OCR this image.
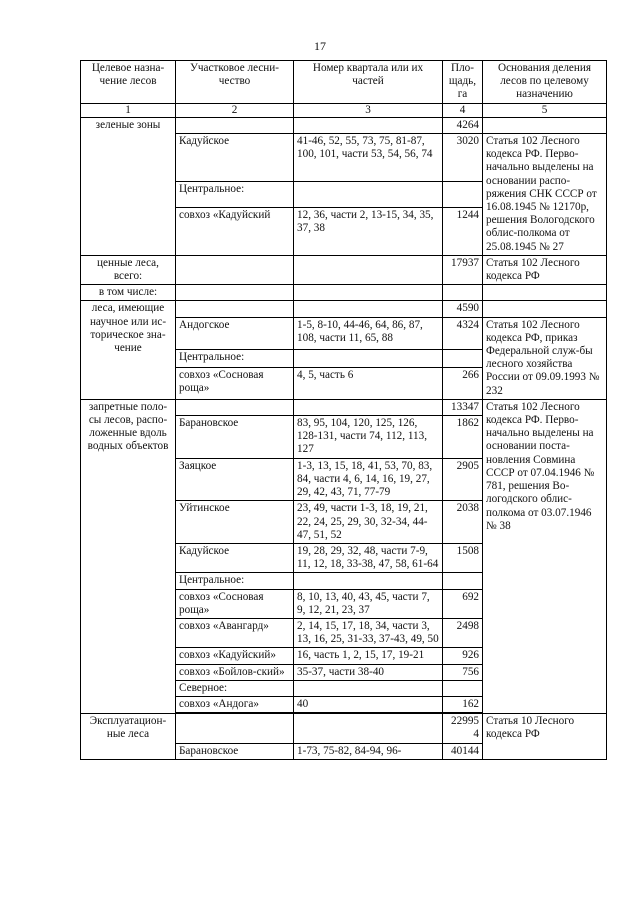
17
Целевое назна-чение лесов	Участковое лесни-чество	Номер квартала или их частей	Пло-щадь, га	Основания деления лесов по целевому назначению
1	2	3	4	5
зеленые зоны			4264	
	Кадуйское	41-46, 52, 55, 73, 75, 81-87, 100, 101, части 53, 54, 56, 74	3020	Статья 102 Лесного кодекса РФ. Перво-начально выделены на основании распо-ряжения СНК СССР от 16.08.1945 № 12170р, решения Вологодского облис-полкома от 25.08.1945 № 27
	Центральное:			
	совхоз «Кадуйский	12, 36, части 2, 13-15, 34, 35, 37, 38	1244	
ценные леса, всего:			17937	Статья 102 Лесного кодекса РФ
в том числе:				
леса, имеющие научное или ис-торическое зна-чение			4590	
	Андогское	1-5, 8-10, 44-46, 64, 86, 87, 108, части 11, 65, 88	4324	Статья 102 Лесного кодекса РФ, приказ Федеральной служ-бы лесного хозяйства России от 09.09.1993 № 232
	Центральное:			
	совхоз «Сосновая роща»	4, 5, часть 6	266	
запретные поло-сы лесов, распо-ложенные вдоль водных объектов			13347	Статья 102 Лесного кодекса РФ. Перво-начально выделены на основании поста-новления Совмина СССР от 07.04.1946 № 781, решения Во-логодского облис-полкома от 03.07.1946 № 38
	Барановское	83, 95, 104, 120, 125, 126, 128-131, части 74, 112, 113, 127	1862	
	Заяцкое	1-3, 13, 15, 18, 41, 53, 70, 83, 84, части 4, 6, 14, 16, 19, 27, 29, 42, 43, 71, 77-79	2905	
	Уйтинское	23, 49, части 1-3, 18, 19, 21, 22, 24, 25, 29, 30, 32-34, 44-47, 51, 52	2038	
	Кадуйское	19, 28, 29, 32, 48, части 7-9, 11, 12, 18, 33-38, 47, 58, 61-64	1508	
	Центральное:			
	совхоз «Сосновая роща»	8, 10, 13, 40, 43, 45, части 7, 9, 12, 21, 23, 37	692	
	совхоз «Авангард»	2, 14, 15, 17, 18, 34, части 3, 13, 16, 25, 31-33, 37-43, 49, 50	2498	
	совхоз «Кадуйский»	16, часть 1, 2, 15, 17, 19-21	926	
	совхоз «Бойлов-ский»	35-37, части 38-40	756	
	Северное:			
	совхоз «Андога»	40	162	

Эксплуатацион-ные леса			229954	Статья 10 Лесного кодекса РФ
	Барановское	1-73, 75-82, 84-94, 96-	40144	
